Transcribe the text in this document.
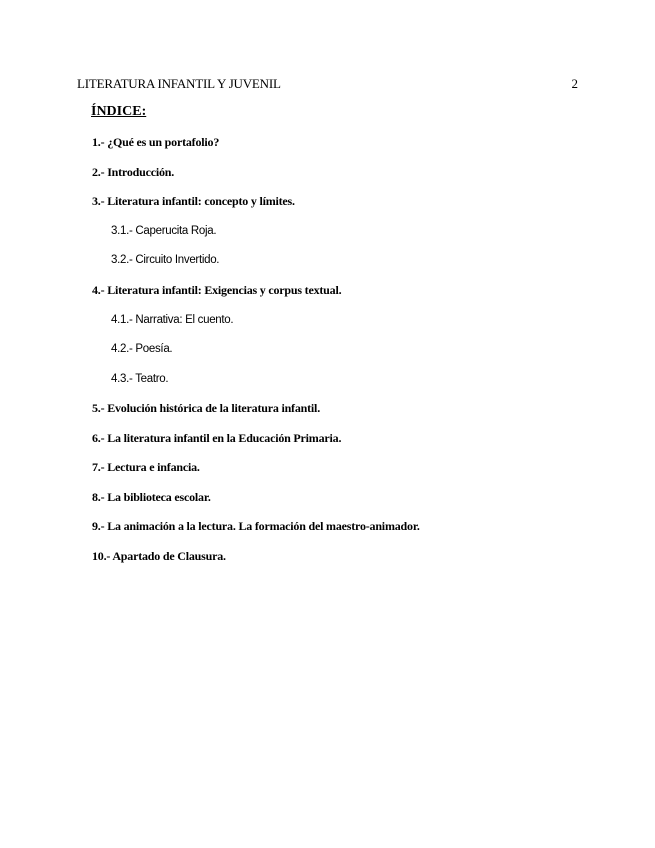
LITERATURA INFANTIL Y JUVENIL	2
ÍNDICE:
1.- ¿Qué es un portafolio?
2.- Introducción.
3.- Literatura infantil: concepto y límites.
3.1.- Caperucita Roja.
3.2.- Circuito Invertido.
4.- Literatura infantil: Exigencias y corpus textual.
4.1.- Narrativa: El cuento.
4.2.- Poesía.
4.3.- Teatro.
5.- Evolución histórica de la literatura infantil.
6.- La literatura infantil en la Educación Primaria.
7.- Lectura e infancia.
8.- La biblioteca escolar.
9.- La animación a la lectura. La formación del maestro-animador.
10.- Apartado de Clausura.
